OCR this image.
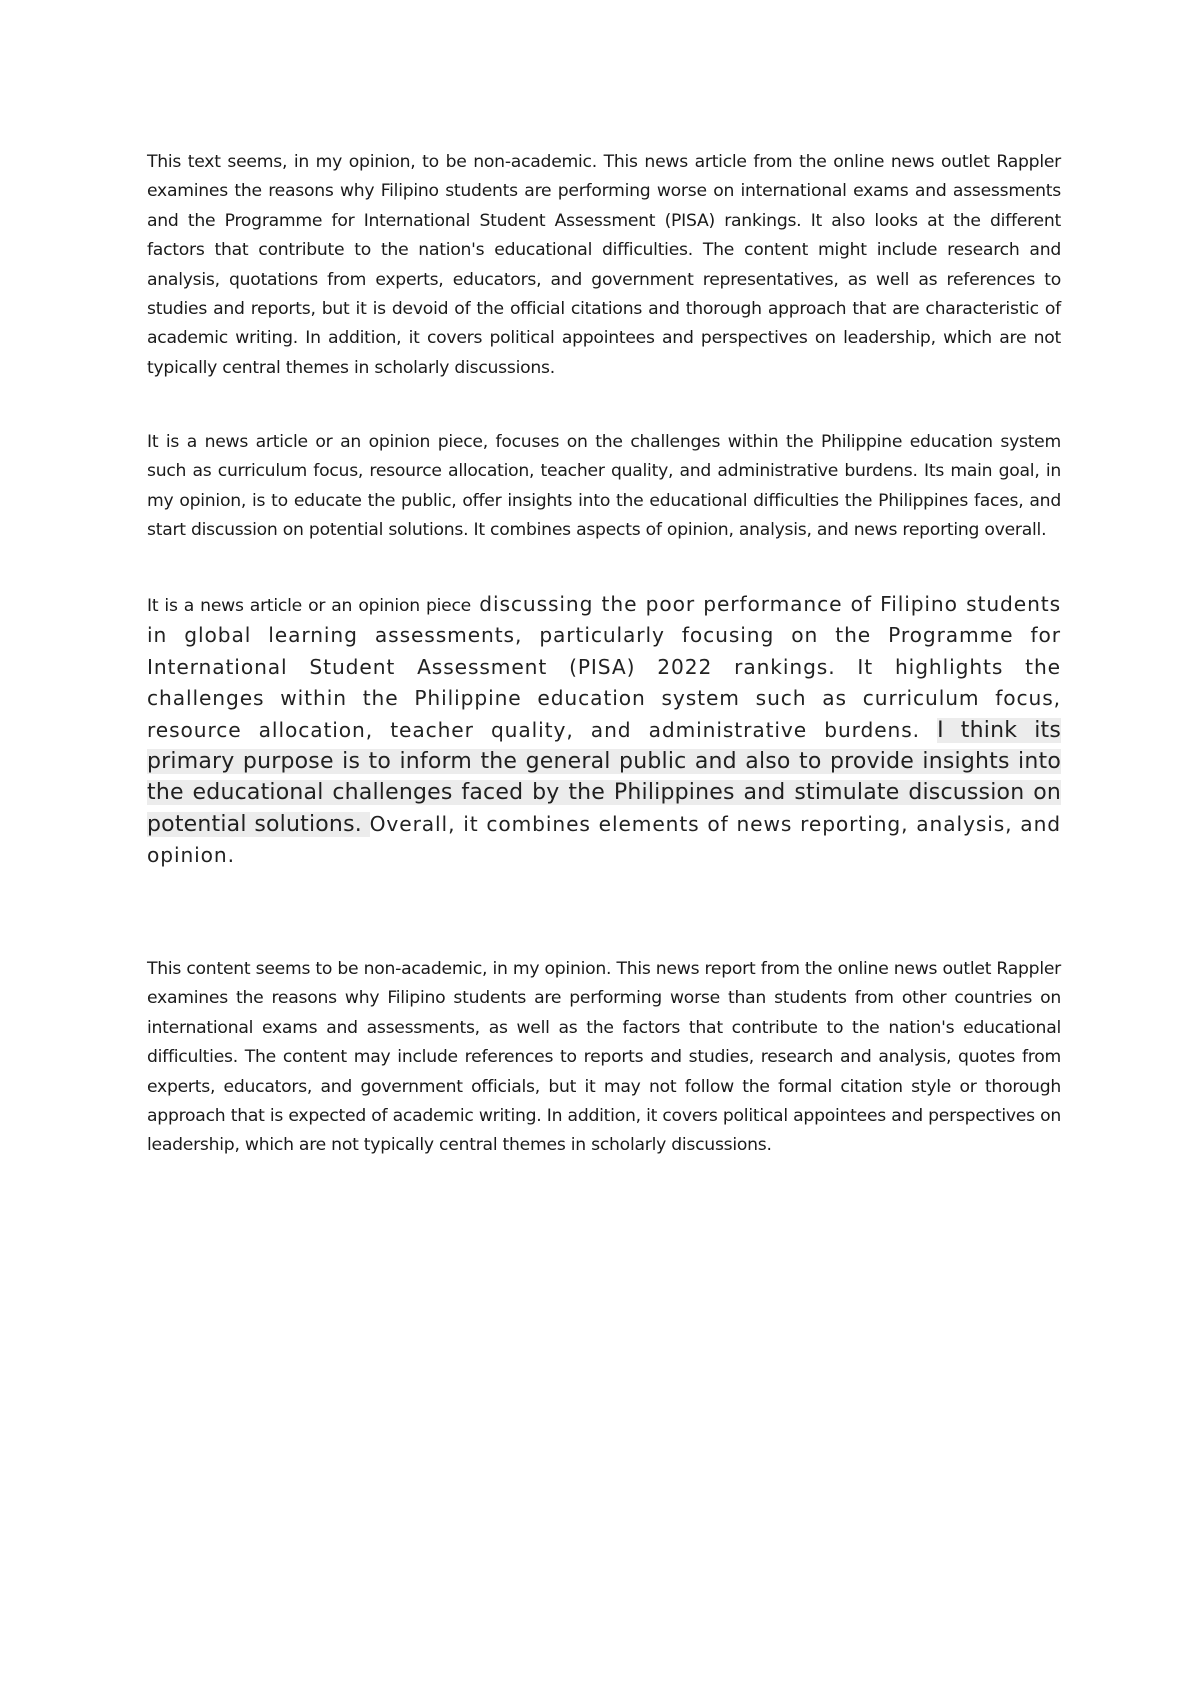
This text seems, in my opinion, to be non-academic. This news article from the online news outlet Rappler examines the reasons why Filipino students are performing worse on international exams and assessments and the Programme for International Student Assessment (PISA) rankings. It also looks at the different factors that contribute to the nation's educational difficulties. The content might include research and analysis, quotations from experts, educators, and government representatives, as well as references to studies and reports, but it is devoid of the official citations and thorough approach that are characteristic of academic writing. In addition, it covers political appointees and perspectives on leadership, which are not typically central themes in scholarly discussions.

It is a news article or an opinion piece, focuses on the challenges within the Philippine education system such as curriculum focus, resource allocation, teacher quality, and administrative burdens. Its main goal, in my opinion, is to educate the public, offer insights into the educational difficulties the Philippines faces, and start discussion on potential solutions. It combines aspects of opinion, analysis, and news reporting overall.

It is a news article or an opinion piece discussing the poor performance of Filipino students in global learning assessments, particularly focusing on the Programme for International Student Assessment (PISA) 2022 rankings. It highlights the challenges within the Philippine education system such as curriculum focus, resource allocation, teacher quality, and administrative burdens. I think its primary purpose is to inform the general public and also to provide insights into the educational challenges faced by the Philippines and stimulate discussion on potential solutions. Overall, it combines elements of news reporting, analysis, and opinion.

This content seems to be non-academic, in my opinion. This news report from the online news outlet Rappler examines the reasons why Filipino students are performing worse than students from other countries on international exams and assessments, as well as the factors that contribute to the nation's educational difficulties. The content may include references to reports and studies, research and analysis, quotes from experts, educators, and government officials, but it may not follow the formal citation style or thorough approach that is expected of academic writing. In addition, it covers political appointees and perspectives on leadership, which are not typically central themes in scholarly discussions.
